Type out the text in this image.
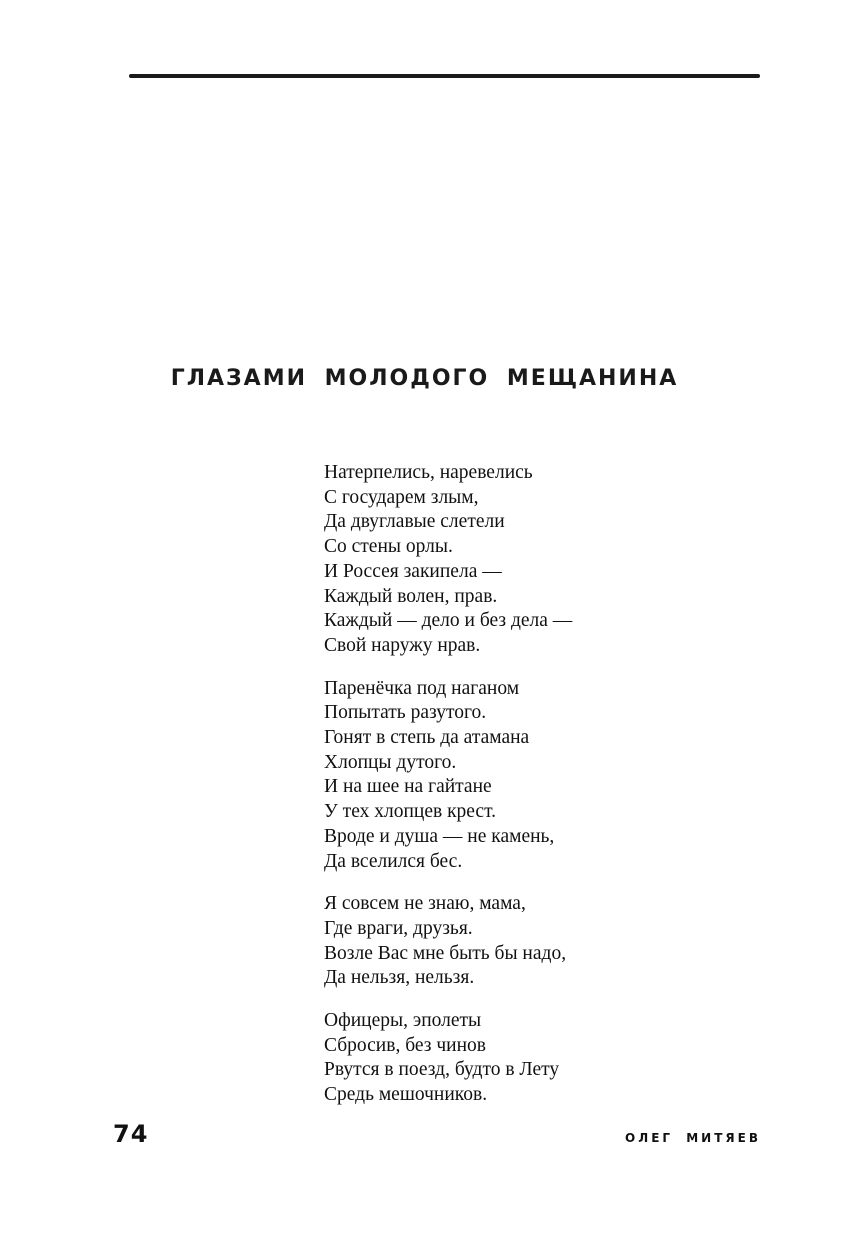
ГЛАЗАМИ МОЛОДОГО МЕЩАНИНА
Натерпелись, наревелись
С государем злым,
Да двуглавые слетели
Со стены орлы.
И Россея закипела —
Каждый волен, прав.
Каждый — дело и без дела —
Свой наружу нрав.
Паренёчка под наганом
Попытать разутого.
Гонят в степь да атамана
Хлопцы дутого.
И на шее на гайтане
У тех хлопцев крест.
Вроде и душа — не камень,
Да вселился бес.
Я совсем не знаю, мама,
Где враги, друзья.
Возле Вас мне быть бы надо,
Да нельзя, нельзя.
Офицеры, эполеты
Сбросив, без чинов
Рвутся в поезд, будто в Лету
Средь мешочников.
74	ОЛЕГ МИТЯЕВ
